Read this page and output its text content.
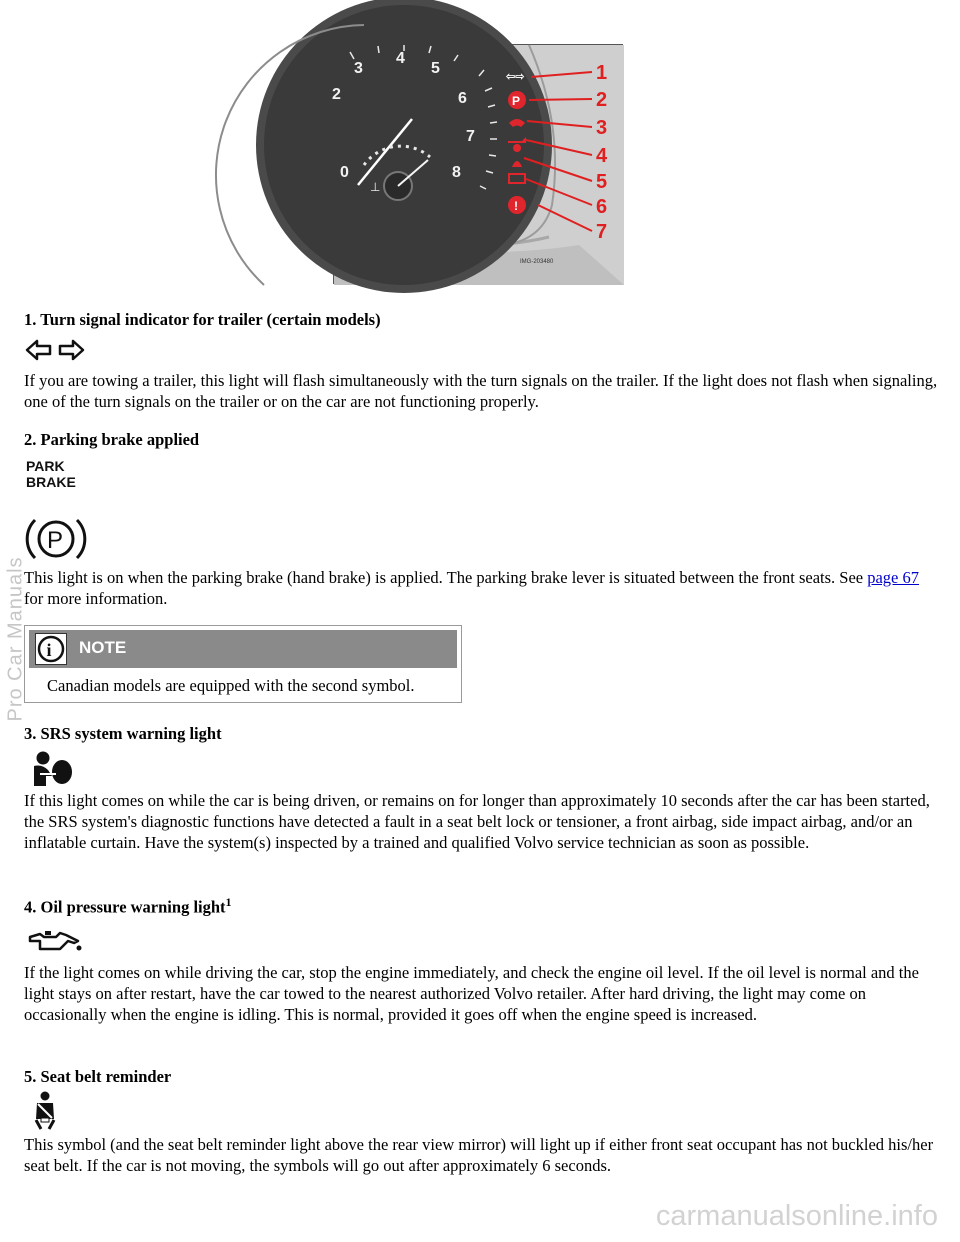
3
4
5
6
7
8
2
0
⊥
⇦⇨
P
!
1
2
3
4
5
6
7
IMG-203480
1. Turn signal indicator for trailer (certain models)

If you are towing a trailer, this light will flash simultaneously with the turn signals on the trailer. If the light does not flash when signaling, one of the turn signals on the trailer or on the car are not functioning properly.

2. Parking brake applied
PARK
BRAKE
P

This light is on when the parking brake (hand brake) is applied. The parking brake lever is situated between the front seats. See page 67 for more information.

i NOTE
Canadian models are equipped with the second symbol.
3. SRS system warning light

If this light comes on while the car is being driven, or remains on for longer than approximately 10 seconds after the car has been started, the SRS system's diagnostic functions have detected a fault in a seat belt lock or tensioner, a front airbag, side impact airbag, and/or an inflatable curtain. Have the system(s) inspected by a trained and qualified Volvo service technician as soon as possible.

4. Oil pressure warning light$^1$

If the light comes on while driving the car, stop the engine immediately, and check the engine oil level. If the oil level is normal and the light stays on after restart, have the car towed to the nearest authorized Volvo retailer. After hard driving, the light may come on occasionally when the engine is idling. This is normal, provided it goes off when the engine speed is increased.

5. Seat belt reminder

This symbol (and the seat belt reminder light above the rear view mirror) will light up if either front seat occupant has not buckled his/her seat belt. If the car is not moving, the symbols will go out after approximately 6 seconds.

Pro Car Manuals
carmanualsonline.info
